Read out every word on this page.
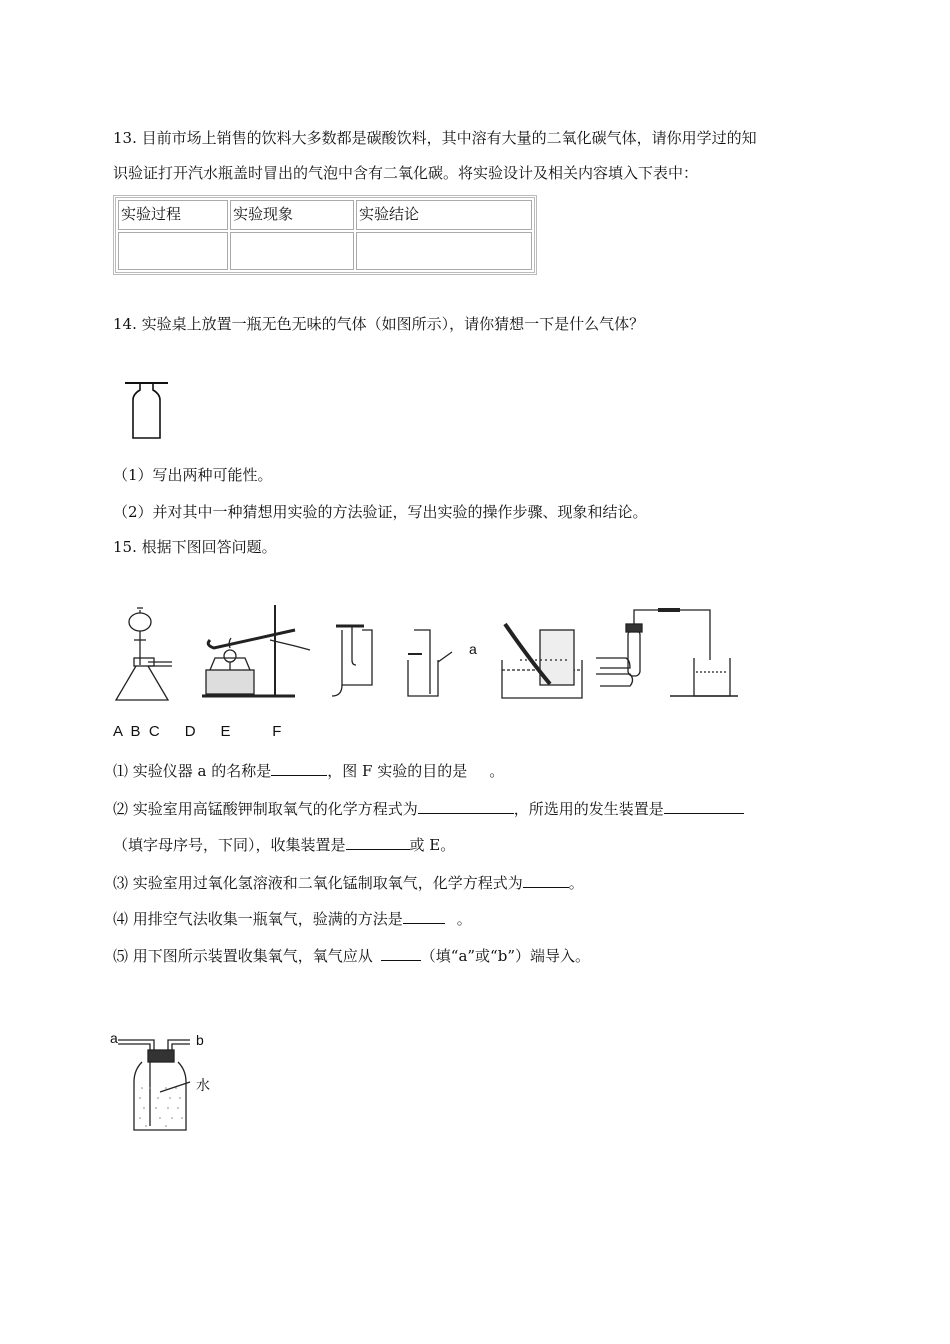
13. 目前市场上销售的饮料大多数都是碳酸饮料，其中溶有大量的二氧化碳气体，请你用学过的知
识验证打开汽水瓶盖时冒出的气泡中含有二氧化碳。将实验设计及相关内容填入下表中：
实验过程	实验现象	实验结论

14. 实验桌上放置一瓶无色无味的气体（如图所示），请你猜想一下是什么气体？
（1）写出两种可能性。
（2）并对其中一种猜想用实验的方法验证，写出实验的操作步骤、现象和结论。
15. 根据下图回答问题。
a
A  B  C      D      E          F
⑴ 实验仪器 a 的名称是	，图 F 实验的目的是 。
⑵ 实验室用高锰酸钾制取氧气的化学方程式为	，所选用的发生装置是
（填字母序号，下同），收集装置是	或 E。
⑶ 实验室用过氧化氢溶液和二氧化锰制取氧气，化学方程式为	。
⑷ 用排空气法收集一瓶氧气，验满的方法是	。
⑸ 用下图所示装置收集氧气，氧气应从	（填“a”或“b”）端导入。
a	b
水
